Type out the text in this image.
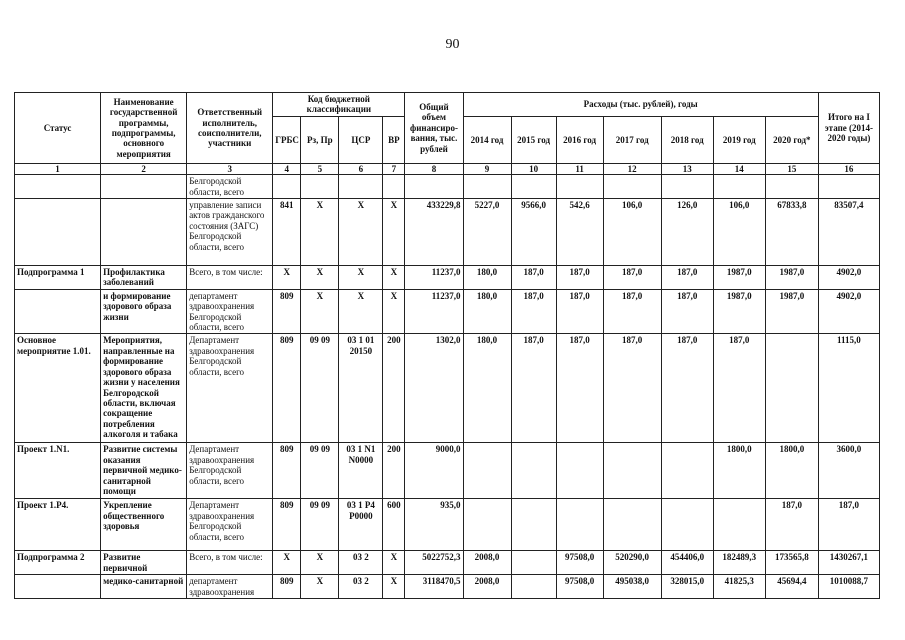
90
Статус	Наименование государственной программы, подпрограммы, основного мероприятия	Ответственный исполнитель, соисполнители, участники	Код бюджетной классификации				Общий объем финансиро-вания, тыс. рублей	Расходы (тыс. рублей), годы							Итого на I этапе (2014-2020 годы)
			ГРБС	Рз, Пр	ЦСР	ВР		2014 год	2015 год	2016 год	2017 год	2018 год	2019 год	2020 год*	
1	2	3	4	5	6	7	8	9	10	11	12	13	14	15	16
		Белгородской области, всего													
		управление записи актов гражданского состояния (ЗАГС) Белгородской области, всего	841	Х	Х	Х	433229,8	5227,0	9566,0	542,6	106,0	126,0	106,0	67833,8	83507,4
Подпрограмма 1	Профилактика заболеваний	Всего, в том числе:	Х	Х	Х	Х	11237,0	180,0	187,0	187,0	187,0	187,0	1987,0	1987,0	4902,0
	и формирование здорового образа жизни	департамент здравоохранения Белгородской области, всего	809	Х	Х	Х	11237,0	180,0	187,0	187,0	187,0	187,0	1987,0	1987,0	4902,0
Основное мероприятие 1.01.	Мероприятия, направленные на формирование здорового образа жизни у населения Белгородской области, включая сокращение потребления алкоголя и табака	Департамент здравоохранения Белгородской области, всего	809	09 09	03 1 01 20150	200	1302,0	180,0	187,0	187,0	187,0	187,0	187,0		1115,0
Проект 1.N1.	Развитие системы оказания первичной медико-санитарной помощи	Департамент здравоохранения Белгородской области, всего	809	09 09	03 1 N1 N0000	200	9000,0						1800,0	1800,0	3600,0
Проект 1.Р4.	Укрепление общественного здоровья	Департамент здравоохранения Белгородской области, всего	809	09 09	03 1 Р4 Р0000	600	935,0							187,0	187,0
Подпрограмма 2	Развитие первичной	Всего, в том числе:	Х	Х	03 2	Х	5022752,3	2008,0		97508,0	520290,0	454406,0	182489,3	173565,8	1430267,1
	медико-санитарной	департамент здравоохранения	809	Х	03 2	Х	3118470,5	2008,0		97508,0	495038,0	328015,0	41825,3	45694,4	1010088,7
